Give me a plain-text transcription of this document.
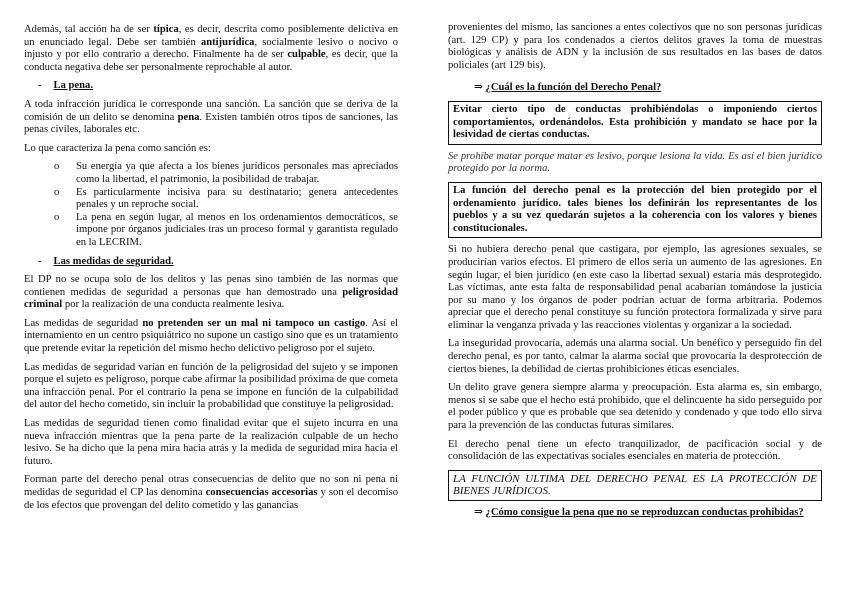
Además, tal acción ha de ser típica, es decir, descrita como posiblemente delictiva en un enunciado legal. Debe ser también antijurídica, socialmente lesivo o nocivo o injusto y por ello contrario a derecho. Finalmente ha de ser culpable, es decir, que la conducta negativa debe ser personalmente reprochable al autor.

- La pena.

A toda infracción jurídica le corresponde una sanción. La sanción que se deriva de la comisión de un delito se denomina pena. Existen también otros tipos de sanciones, las penas civiles, laborales etc.

Lo que caracteriza la pena como sanción es:

o Su energía ya que afecta a los bienes jurídicos personales mas apreciados como la libertad, el patrimonio, la posibilidad de trabajar.
o Es particularmente incisiva para su destinatario; genera antecedentes penales y un reproche social.
o La pena en según lugar, al menos en los ordenamientos democráticos, se impone por órganos judiciales tras un proceso formal y garantista regulado en la LECRIM.
- Las medidas de seguridad.

El DP no se ocupa solo de los delitos y las penas sino también de las normas que contienen medidas de seguridad a personas que han demostrado una peligrosidad criminal por la realización de una conducta realmente lesiva.

Las medidas de seguridad no pretenden ser un mal ni tampoco un castigo. Así el internamiento en un centro psiquiátrico no supone un castigo sino que es un tratamiento que pretende evitar la repetición del mismo hecho delictivo peligroso por el sujeto.

Las medidas de seguridad varían en función de la peligrosidad del sujeto y se imponen porque el sujeto es peligroso, porque cabe afirmar la posibilidad próxima de que cometa una infracción penal. Por el contrario la pena se impone en función de la culpabilidad del autor del hecho cometido, sin incluir la probabilidad que constituye la peligrosidad.

Las medidas de seguridad tienen como finalidad evitar que el sujeto incurra en una nueva infracción mientras que la pena parte de la realización culpable de un hecho lesivo. Se ha dicho que la pena mira hacia atrás y la medida de seguridad mira hacia el futuro.

Forman parte del derecho penal otras consecuencias de delito que no son ni pena ni medidas de seguridad el CP las denomina consecuencias accesorias y son el decomiso de los efectos que provengan del delito cometido y las ganancias

provenientes del mismo, las sanciones a entes colectivos que no son personas jurídicas (art. 129 CP) y para los condenados a ciertos delitos graves la toma de muestras biológicas y análisis de ADN y la inclusión de sus resultados en las bases de datos policiales (art 129 bis).

⇒ ¿Cuál es la función del Derecho Penal?
Evitar cierto tipo de conductas prohibiéndolas o imponiendo ciertos comportamientos, ordenándolos. Esta prohibición y mandato se hace por la lesividad de ciertas conductas.

Se prohíbe matar porque matar es lesivo, porque lesiona la vida. Es así el bien jurídico protegido por la norma.

La función del derecho penal es la protección del bien protegido por el ordenamiento jurídico. tales bienes los definirán los representantes de los pueblos y a su vez quedarán sujetos a la coherencia con los valores y bienes constitucionales.

Si no hubiera derecho penal que castigara, por ejemplo, las agresiones sexuales, se producirían varios efectos. El primero de ellos sería un aumento de las agresiones. En según lugar, el bien jurídico (en este caso la libertad sexual) estaría más desprotegido. Las víctimas, ante esta falta de responsabilidad penal acabarían tomándose la justicia por su mano y los órganos de poder podrían actuar de forma arbitraria. Podemos apreciar que el derecho penal constituye su función protectora formalizada y sirve para eliminar la venganza privada y las reacciones violentas y organizar a la sociedad.

La inseguridad provocaría, además una alarma social. Un benéfico y perseguido fin del derecho penal, es por tanto, calmar la alarma social que provocaría la desprotección de ciertos bienes, la debilidad de ciertas prohibiciones éticas esenciales.

Un delito grave genera siempre alarma y preocupación. Esta alarma es, sin embargo, menos si se sabe que el hecho está prohibido, que el delincuente ha sido perseguido por el poder público y que es probable que sea detenido y condenado y que todo ello sirva para la prevención de las conductas futuras similares.

El derecho penal tiene un efecto tranquilizador, de pacificación social y de consolidación de las expectativas sociales esenciales en materia de protección.

LA FUNCIÓN ULTIMA DEL DERECHO PENAL ES LA PROTECCIÓN DE BIENES JURÍDICOS.
⇒ ¿Cómo consigue la pena que no se reproduzcan conductas prohibidas?
